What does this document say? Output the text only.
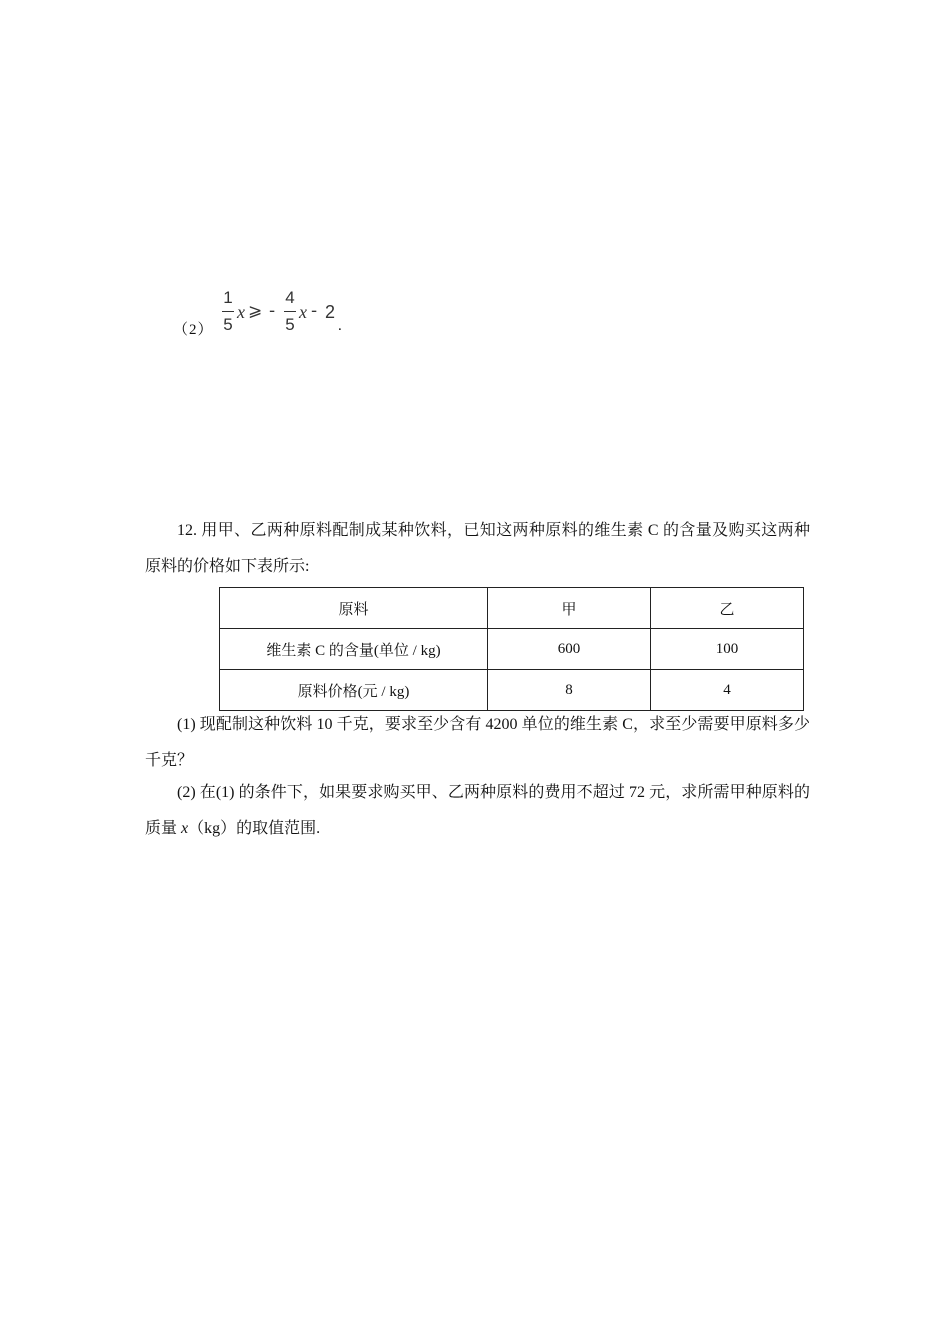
（2）
1
5
x ⩾ -
4
5
x - 2
.
12. 用甲、乙两种原料配制成某种饮料，已知这两种原料的维生素 C 的含量及购买这两种原料的价格如下表所示:
原料	甲	乙
维生素 C 的含量(单位 / kg)	600	100
原料价格(元 / kg)	8	4
(1) 现配制这种饮料 10 千克，要求至少含有 4200 单位的维生素 C，求至少需要甲原料多少千克？
(2) 在(1) 的条件下，如果要求购买甲、乙两种原料的费用不超过 72 元，求所需甲种原料的质量 x（kg）的取值范围.
